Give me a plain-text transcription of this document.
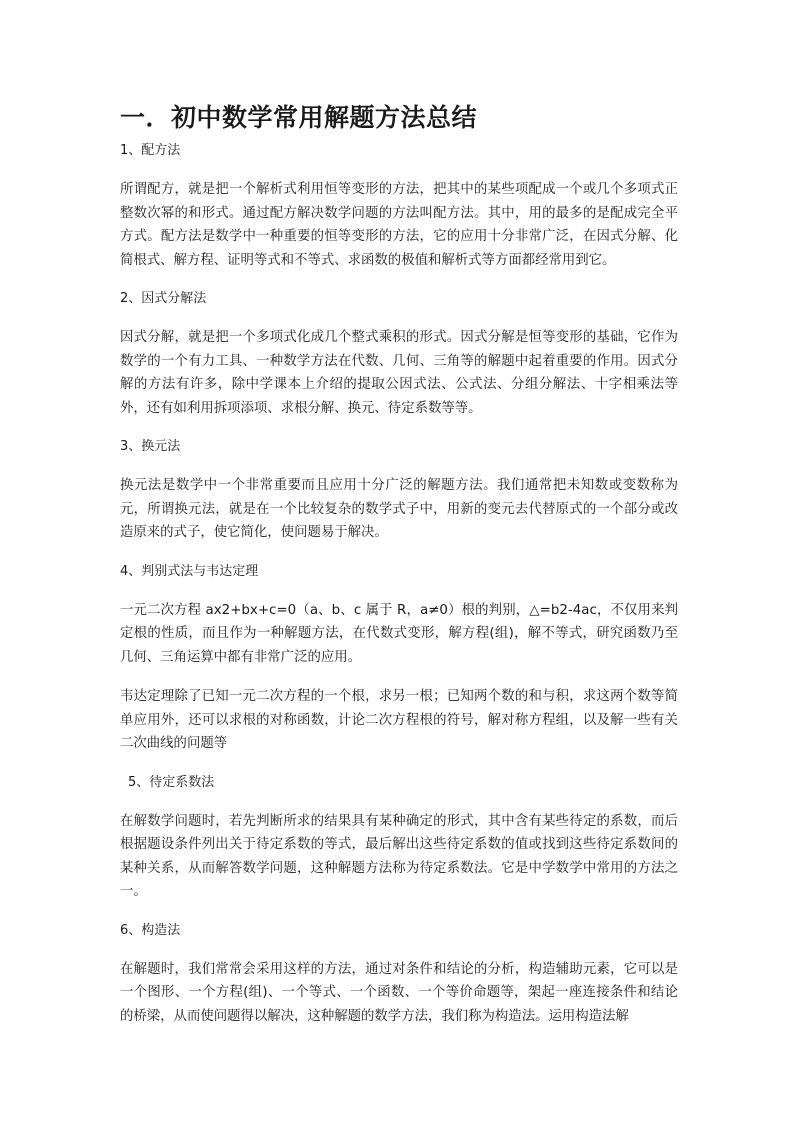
一．初中数学常用解题方法总结
1、配方法

所谓配方，就是把一个解析式利用恒等变形的方法，把其中的某些项配成一个或几个多项式正整数次幂的和形式。通过配方解决数学问题的方法叫配方法。其中，用的最多的是配成完全平方式。配方法是数学中一种重要的恒等变形的方法，它的应用十分非常广泛，在因式分解、化简根式、解方程、证明等式和不等式、求函数的极值和解析式等方面都经常用到它。

2、因式分解法

因式分解，就是把一个多项式化成几个整式乘积的形式。因式分解是恒等变形的基础，它作为数学的一个有力工具、一种数学方法在代数、几何、三角等的解题中起着重要的作用。因式分解的方法有许多，除中学课本上介绍的提取公因式法、公式法、分组分解法、十字相乘法等外，还有如利用拆项添项、求根分解、换元、待定系数等等。

3、换元法

换元法是数学中一个非常重要而且应用十分广泛的解题方法。我们通常把未知数或变数称为元，所谓换元法，就是在一个比较复杂的数学式子中，用新的变元去代替原式的一个部分或改造原来的式子，使它简化，使问题易于解决。

4、判别式法与韦达定理

一元二次方程 ax2+bx+c=0（a、b、c 属于 R，a≠0）根的判别，△=b2-4ac，不仅用来判定根的性质，而且作为一种解题方法，在代数式变形，解方程(组)，解不等式，研究函数乃至几何、三角运算中都有非常广泛的应用。

韦达定理除了已知一元二次方程的一个根，求另一根；已知两个数的和与积，求这两个数等简单应用外，还可以求根的对称函数，计论二次方程根的符号，解对称方程组，以及解一些有关二次曲线的问题等

5、待定系数法

在解数学问题时，若先判断所求的结果具有某种确定的形式，其中含有某些待定的系数，而后根据题设条件列出关于待定系数的等式，最后解出这些待定系数的值或找到这些待定系数间的某种关系，从而解答数学问题，这种解题方法称为待定系数法。它是中学数学中常用的方法之一。

6、构造法

在解题时，我们常常会采用这样的方法，通过对条件和结论的分析，构造辅助元素，它可以是一个图形、一个方程(组)、一个等式、一个函数、一个等价命题等，架起一座连接条件和结论的桥梁，从而使问题得以解决，这种解题的数学方法，我们称为构造法。运用构造法解
